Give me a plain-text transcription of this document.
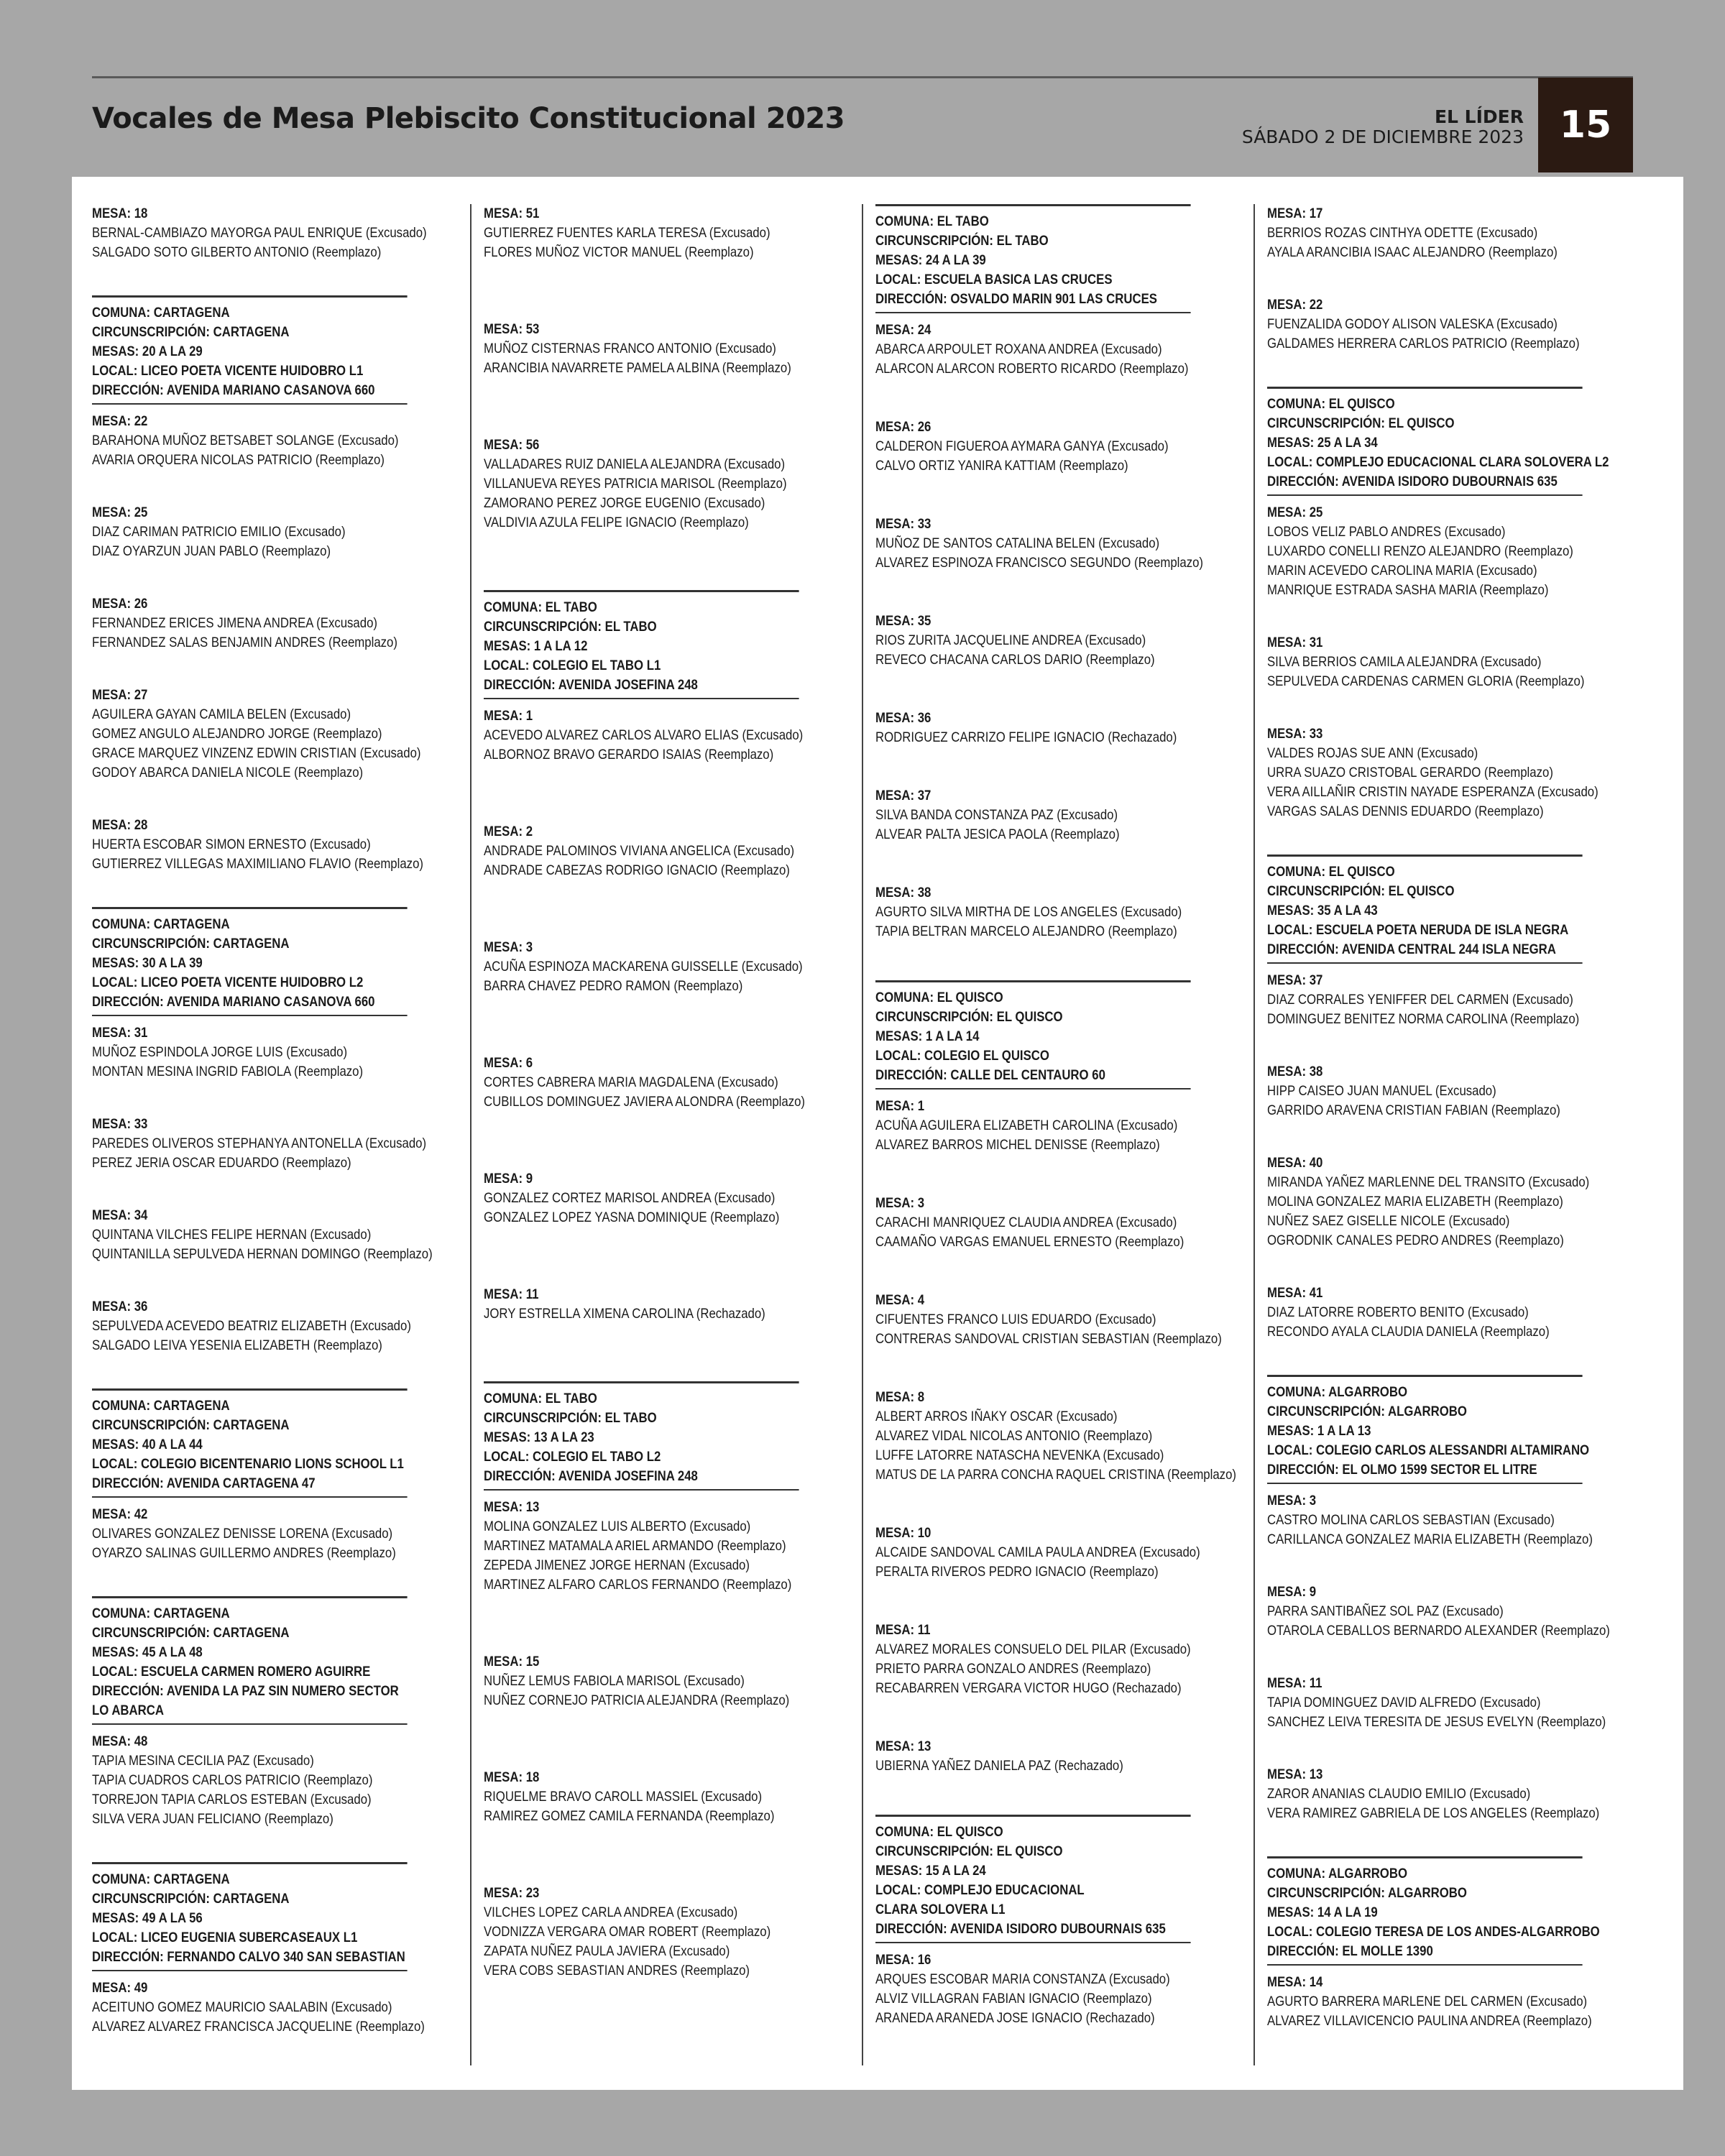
Vocales de Mesa Plebiscito Constitucional 2023	EL LÍDER
SÁBADO 2 DE DICIEMBRE 2023 15
MESA: 18
BERNAL-CAMBIAZO MAYORGA PAUL ENRIQUE (Excusado)
SALGADO SOTO GILBERTO ANTONIO (Reemplazo)
COMUNA: CARTAGENA
CIRCUNSCRIPCIÓN: CARTAGENA
MESAS: 20 A LA 29
LOCAL: LICEO POETA VICENTE HUIDOBRO L1
DIRECCIÓN: AVENIDA MARIANO CASANOVA 660
MESA: 22
BARAHONA MUÑOZ BETSABET SOLANGE (Excusado)
AVARIA ORQUERA NICOLAS PATRICIO (Reemplazo)
MESA: 25
DIAZ CARIMAN PATRICIO EMILIO (Excusado)
DIAZ OYARZUN JUAN PABLO (Reemplazo)
MESA: 26
FERNANDEZ ERICES JIMENA ANDREA (Excusado)
FERNANDEZ SALAS BENJAMIN ANDRES (Reemplazo)
MESA: 27
AGUILERA GAYAN CAMILA BELEN (Excusado)
GOMEZ ANGULO ALEJANDRO JORGE (Reemplazo)
GRACE MARQUEZ VINZENZ EDWIN CRISTIAN (Excusado)
GODOY ABARCA DANIELA NICOLE (Reemplazo)
MESA: 28
HUERTA ESCOBAR SIMON ERNESTO (Excusado)
GUTIERREZ VILLEGAS MAXIMILIANO FLAVIO (Reemplazo)
COMUNA: CARTAGENA
CIRCUNSCRIPCIÓN: CARTAGENA
MESAS: 30 A LA 39
LOCAL: LICEO POETA VICENTE HUIDOBRO L2
DIRECCIÓN: AVENIDA MARIANO CASANOVA 660
MESA: 31
MUÑOZ ESPINDOLA JORGE LUIS (Excusado)
MONTAN MESINA INGRID FABIOLA (Reemplazo)
MESA: 33
PAREDES OLIVEROS STEPHANYA ANTONELLA (Excusado)
PEREZ JERIA OSCAR EDUARDO (Reemplazo)
MESA: 34
QUINTANA VILCHES FELIPE HERNAN (Excusado)
QUINTANILLA SEPULVEDA HERNAN DOMINGO (Reemplazo)
MESA: 36
SEPULVEDA ACEVEDO BEATRIZ ELIZABETH (Excusado)
SALGADO LEIVA YESENIA ELIZABETH (Reemplazo)
COMUNA: CARTAGENA
CIRCUNSCRIPCIÓN: CARTAGENA
MESAS: 40 A LA 44
LOCAL: COLEGIO BICENTENARIO LIONS SCHOOL L1
DIRECCIÓN: AVENIDA CARTAGENA 47
MESA: 42
OLIVARES GONZALEZ DENISSE LORENA (Excusado)
OYARZO SALINAS GUILLERMO ANDRES (Reemplazo)
COMUNA: CARTAGENA
CIRCUNSCRIPCIÓN: CARTAGENA
MESAS: 45 A LA 48
LOCAL: ESCUELA CARMEN ROMERO AGUIRRE
DIRECCIÓN: AVENIDA LA PAZ SIN NUMERO SECTOR
LO ABARCA
MESA: 48
TAPIA MESINA CECILIA PAZ (Excusado)
TAPIA CUADROS CARLOS PATRICIO (Reemplazo)
TORREJON TAPIA CARLOS ESTEBAN (Excusado)
SILVA VERA JUAN FELICIANO (Reemplazo)
COMUNA: CARTAGENA
CIRCUNSCRIPCIÓN: CARTAGENA
MESAS: 49 A LA 56
LOCAL: LICEO EUGENIA SUBERCASEAUX L1
DIRECCIÓN: FERNANDO CALVO 340 SAN SEBASTIAN
MESA: 49
ACEITUNO GOMEZ MAURICIO SAALABIN (Excusado)
ALVAREZ ALVAREZ FRANCISCA JACQUELINE (Reemplazo)
MESA: 51
GUTIERREZ FUENTES KARLA TERESA (Excusado)
FLORES MUÑOZ VICTOR MANUEL (Reemplazo)
MESA: 53
MUÑOZ CISTERNAS FRANCO ANTONIO (Excusado)
ARANCIBIA NAVARRETE PAMELA ALBINA (Reemplazo)
MESA: 56
VALLADARES RUIZ DANIELA ALEJANDRA (Excusado)
VILLANUEVA REYES PATRICIA MARISOL (Reemplazo)
ZAMORANO PEREZ JORGE EUGENIO (Excusado)
VALDIVIA AZULA FELIPE IGNACIO (Reemplazo)
COMUNA: EL TABO
CIRCUNSCRIPCIÓN: EL TABO
MESAS: 1 A LA 12
LOCAL: COLEGIO EL TABO L1
DIRECCIÓN: AVENIDA JOSEFINA 248
MESA: 1
ACEVEDO ALVAREZ CARLOS ALVARO ELIAS (Excusado)
ALBORNOZ BRAVO GERARDO ISAIAS (Reemplazo)
MESA: 2
ANDRADE PALOMINOS VIVIANA ANGELICA (Excusado)
ANDRADE CABEZAS RODRIGO IGNACIO (Reemplazo)
MESA: 3
ACUÑA ESPINOZA MACKARENA GUISSELLE (Excusado)
BARRA CHAVEZ PEDRO RAMON (Reemplazo)
MESA: 6
CORTES CABRERA MARIA MAGDALENA (Excusado)
CUBILLOS DOMINGUEZ JAVIERA ALONDRA (Reemplazo)
MESA: 9
GONZALEZ CORTEZ MARISOL ANDREA (Excusado)
GONZALEZ LOPEZ YASNA DOMINIQUE (Reemplazo)
MESA: 11
JORY ESTRELLA XIMENA CAROLINA (Rechazado)
COMUNA: EL TABO
CIRCUNSCRIPCIÓN: EL TABO
MESAS: 13 A LA 23
LOCAL: COLEGIO EL TABO L2
DIRECCIÓN: AVENIDA JOSEFINA 248
MESA: 13
MOLINA GONZALEZ LUIS ALBERTO (Excusado)
MARTINEZ MATAMALA ARIEL ARMANDO (Reemplazo)
ZEPEDA JIMENEZ JORGE HERNAN (Excusado)
MARTINEZ ALFARO CARLOS FERNANDO (Reemplazo)
MESA: 15
NUÑEZ LEMUS FABIOLA MARISOL (Excusado)
NUÑEZ CORNEJO PATRICIA ALEJANDRA (Reemplazo)
MESA: 18
RIQUELME BRAVO CAROLL MASSIEL (Excusado)
RAMIREZ GOMEZ CAMILA FERNANDA (Reemplazo)
MESA: 23
VILCHES LOPEZ CARLA ANDREA (Excusado)
VODNIZZA VERGARA OMAR ROBERT (Reemplazo)
ZAPATA NUÑEZ PAULA JAVIERA (Excusado)
VERA COBS SEBASTIAN ANDRES (Reemplazo)
COMUNA: EL TABO
CIRCUNSCRIPCIÓN: EL TABO
MESAS: 24 A LA 39
LOCAL: ESCUELA BASICA LAS CRUCES
DIRECCIÓN: OSVALDO MARIN 901 LAS CRUCES
MESA: 24
ABARCA ARPOULET ROXANA ANDREA (Excusado)
ALARCON ALARCON ROBERTO RICARDO (Reemplazo)
MESA: 26
CALDERON FIGUEROA AYMARA GANYA (Excusado)
CALVO ORTIZ YANIRA KATTIAM (Reemplazo)
MESA: 33
MUÑOZ DE SANTOS CATALINA BELEN (Excusado)
ALVAREZ ESPINOZA FRANCISCO SEGUNDO (Reemplazo)
MESA: 35
RIOS ZURITA JACQUELINE ANDREA (Excusado)
REVECO CHACANA CARLOS DARIO (Reemplazo)
MESA: 36
RODRIGUEZ CARRIZO FELIPE IGNACIO (Rechazado)
MESA: 37
SILVA BANDA CONSTANZA PAZ (Excusado)
ALVEAR PALTA JESICA PAOLA (Reemplazo)
MESA: 38
AGURTO SILVA MIRTHA DE LOS ANGELES (Excusado)
TAPIA BELTRAN MARCELO ALEJANDRO (Reemplazo)
COMUNA: EL QUISCO
CIRCUNSCRIPCIÓN: EL QUISCO
MESAS: 1 A LA 14
LOCAL: COLEGIO EL QUISCO
DIRECCIÓN: CALLE DEL CENTAURO 60
MESA: 1
ACUÑA AGUILERA ELIZABETH CAROLINA (Excusado)
ALVAREZ BARROS MICHEL DENISSE (Reemplazo)
MESA: 3
CARACHI MANRIQUEZ CLAUDIA ANDREA (Excusado)
CAAMAÑO VARGAS EMANUEL ERNESTO (Reemplazo)
MESA: 4
CIFUENTES FRANCO LUIS EDUARDO (Excusado)
CONTRERAS SANDOVAL CRISTIAN SEBASTIAN (Reemplazo)
MESA: 8
ALBERT ARROS IÑAKY OSCAR (Excusado)
ALVAREZ VIDAL NICOLAS ANTONIO (Reemplazo)
LUFFE LATORRE NATASCHA NEVENKA (Excusado)
MATUS DE LA PARRA CONCHA RAQUEL CRISTINA (Reemplazo)
MESA: 10
ALCAIDE SANDOVAL CAMILA PAULA ANDREA (Excusado)
PERALTA RIVEROS PEDRO IGNACIO (Reemplazo)
MESA: 11
ALVAREZ MORALES CONSUELO DEL PILAR (Excusado)
PRIETO PARRA GONZALO ANDRES (Reemplazo)
RECABARREN VERGARA VICTOR HUGO (Rechazado)
MESA: 13
UBIERNA YAÑEZ DANIELA PAZ (Rechazado)
COMUNA: EL QUISCO
CIRCUNSCRIPCIÓN: EL QUISCO
MESAS: 15 A LA 24
LOCAL: COMPLEJO EDUCACIONAL
CLARA SOLOVERA L1
DIRECCIÓN: AVENIDA ISIDORO DUBOURNAIS 635
MESA: 16
ARQUES ESCOBAR MARIA CONSTANZA (Excusado)
ALVIZ VILLAGRAN FABIAN IGNACIO (Reemplazo)
ARANEDA ARANEDA JOSE IGNACIO (Rechazado)
MESA: 17
BERRIOS ROZAS CINTHYA ODETTE (Excusado)
AYALA ARANCIBIA ISAAC ALEJANDRO (Reemplazo)
MESA: 22
FUENZALIDA GODOY ALISON VALESKA (Excusado)
GALDAMES HERRERA CARLOS PATRICIO (Reemplazo)
COMUNA: EL QUISCO
CIRCUNSCRIPCIÓN: EL QUISCO
MESAS: 25 A LA 34
LOCAL: COMPLEJO EDUCACIONAL CLARA SOLOVERA L2
DIRECCIÓN: AVENIDA ISIDORO DUBOURNAIS 635
MESA: 25
LOBOS VELIZ PABLO ANDRES (Excusado)
LUXARDO CONELLI RENZO ALEJANDRO (Reemplazo)
MARIN ACEVEDO CAROLINA MARIA (Excusado)
MANRIQUE ESTRADA SASHA MARIA (Reemplazo)
MESA: 31
SILVA BERRIOS CAMILA ALEJANDRA (Excusado)
SEPULVEDA CARDENAS CARMEN GLORIA (Reemplazo)
MESA: 33
VALDES ROJAS SUE ANN (Excusado)
URRA SUAZO CRISTOBAL GERARDO (Reemplazo)
VERA AILLAÑIR CRISTIN NAYADE ESPERANZA (Excusado)
VARGAS SALAS DENNIS EDUARDO (Reemplazo)
COMUNA: EL QUISCO
CIRCUNSCRIPCIÓN: EL QUISCO
MESAS: 35 A LA 43
LOCAL: ESCUELA POETA NERUDA DE ISLA NEGRA
DIRECCIÓN: AVENIDA CENTRAL 244 ISLA NEGRA
MESA: 37
DIAZ CORRALES YENIFFER DEL CARMEN (Excusado)
DOMINGUEZ BENITEZ NORMA CAROLINA (Reemplazo)
MESA: 38
HIPP CAISEO JUAN MANUEL (Excusado)
GARRIDO ARAVENA CRISTIAN FABIAN (Reemplazo)
MESA: 40
MIRANDA YAÑEZ MARLENNE DEL TRANSITO (Excusado)
MOLINA GONZALEZ MARIA ELIZABETH (Reemplazo)
NUÑEZ SAEZ GISELLE NICOLE (Excusado)
OGRODNIK CANALES PEDRO ANDRES (Reemplazo)
MESA: 41
DIAZ LATORRE ROBERTO BENITO (Excusado)
RECONDO AYALA CLAUDIA DANIELA (Reemplazo)
COMUNA: ALGARROBO
CIRCUNSCRIPCIÓN: ALGARROBO
MESAS: 1 A LA 13
LOCAL: COLEGIO CARLOS ALESSANDRI ALTAMIRANO
DIRECCIÓN: EL OLMO 1599 SECTOR EL LITRE
MESA: 3
CASTRO MOLINA CARLOS SEBASTIAN (Excusado)
CARILLANCA GONZALEZ MARIA ELIZABETH (Reemplazo)
MESA: 9
PARRA SANTIBAÑEZ SOL PAZ (Excusado)
OTAROLA CEBALLOS BERNARDO ALEXANDER (Reemplazo)
MESA: 11
TAPIA DOMINGUEZ DAVID ALFREDO (Excusado)
SANCHEZ LEIVA TERESITA DE JESUS EVELYN (Reemplazo)
MESA: 13
ZAROR ANANIAS CLAUDIO EMILIO (Excusado)
VERA RAMIREZ GABRIELA DE LOS ANGELES (Reemplazo)
COMUNA: ALGARROBO
CIRCUNSCRIPCIÓN: ALGARROBO
MESAS: 14 A LA 19
LOCAL: COLEGIO TERESA DE LOS ANDES-ALGARROBO
DIRECCIÓN: EL MOLLE 1390
MESA: 14
AGURTO BARRERA MARLENE DEL CARMEN (Excusado)
ALVAREZ VILLAVICENCIO PAULINA ANDREA (Reemplazo)
